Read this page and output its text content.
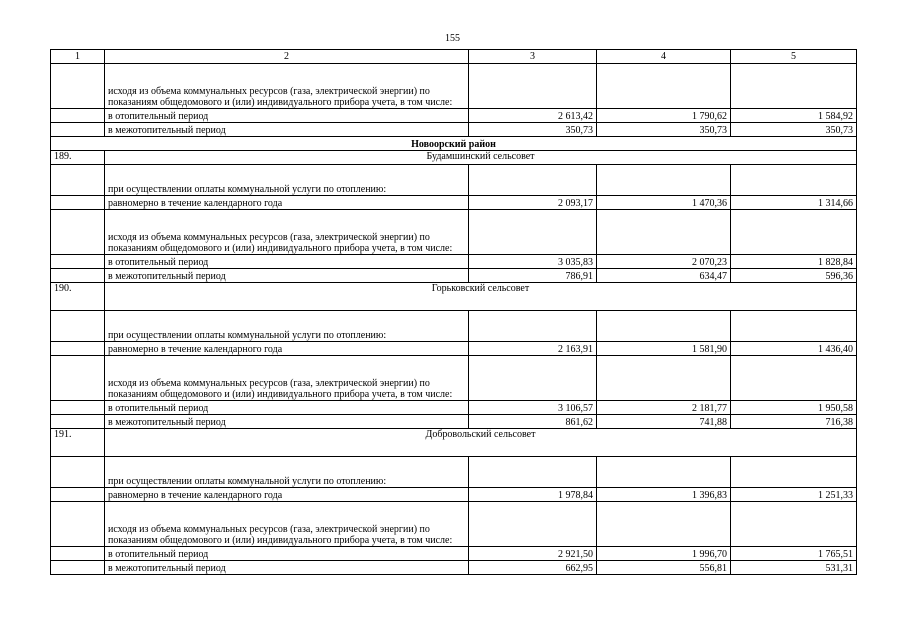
155
1	2	3	4	5
	исходя из объема коммунальных ресурсов (газа, электрической энергии) по показаниям общедомового и (или) индивидуального прибора учета, в том числе:			
	в отопительный период	2 613,42	1 790,62	1 584,92
	в межотопительный период	350,73	350,73	350,73
Новоорский район				
189.	Будамшинский сельсовет			
	при осуществлении оплаты коммунальной услуги по отоплению:			
	равномерно в течение календарного года	2 093,17	1 470,36	1 314,66
	исходя из объема коммунальных ресурсов (газа, электрической энергии) по показаниям общедомового и (или) индивидуального прибора учета, в том числе:			
	в отопительный период	3 035,83	2 070,23	1 828,84
	в межотопительный период	786,91	634,47	596,36
190.	Горьковский сельсовет			
	при осуществлении оплаты коммунальной услуги по отоплению:			
	равномерно в течение календарного года	2 163,91	1 581,90	1 436,40
	исходя из объема коммунальных ресурсов (газа, электрической энергии) по показаниям общедомового и (или) индивидуального прибора учета, в том числе:			
	в отопительный период	3 106,57	2 181,77	1 950,58
	в межотопительный период	861,62	741,88	716,38
191.	Добровольский сельсовет			
	при осуществлении оплаты коммунальной услуги по отоплению:			
	равномерно в течение календарного года	1 978,84	1 396,83	1 251,33
	исходя из объема коммунальных ресурсов (газа, электрической энергии) по показаниям общедомового и (или) индивидуального прибора учета, в том числе:			
	в отопительный период	2 921,50	1 996,70	1 765,51
	в межотопительный период	662,95	556,81	531,31
